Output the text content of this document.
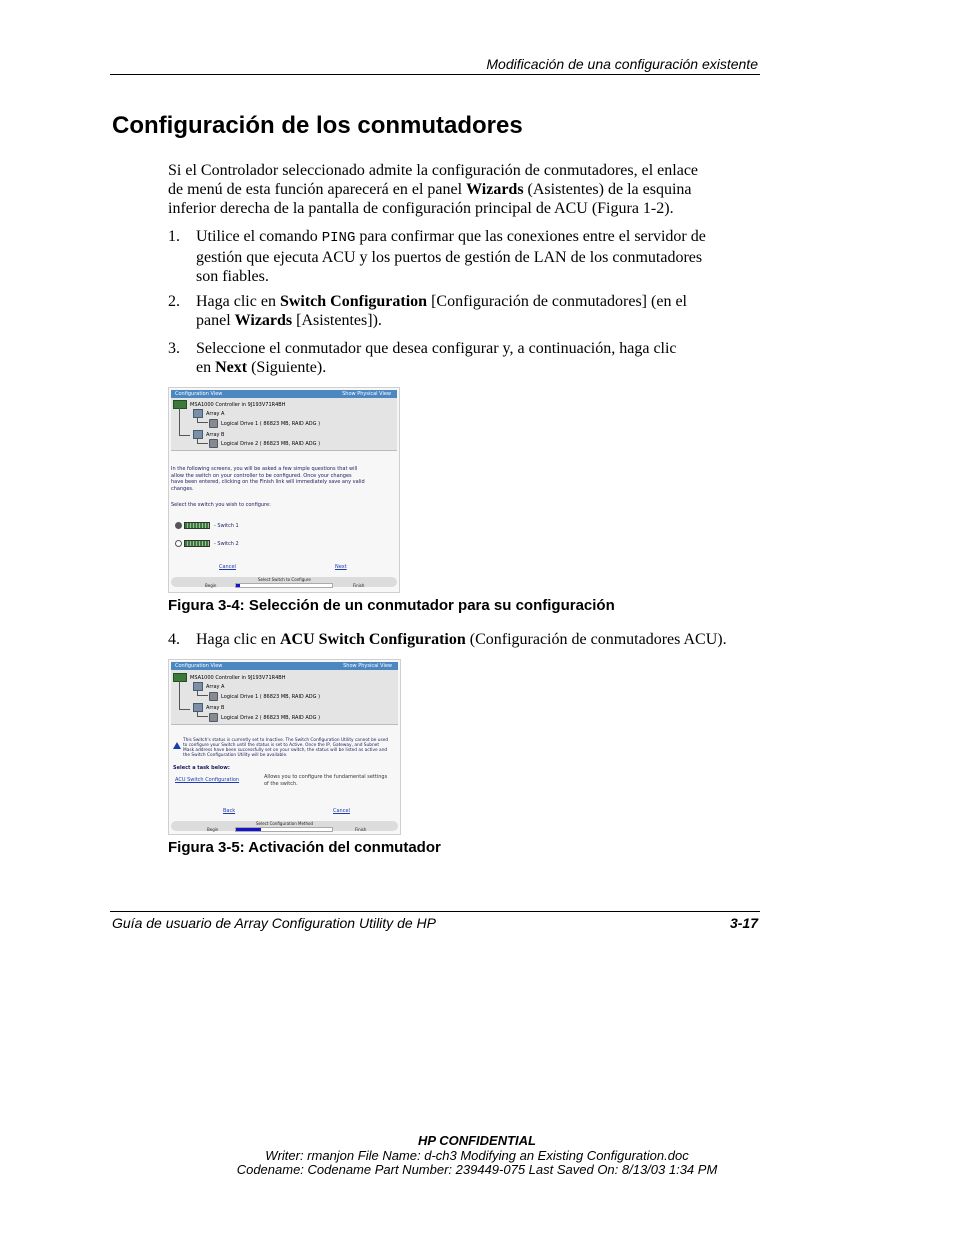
Modificación de una configuración existente
Configuración de los conmutadores
Si el Controlador seleccionado admite la configuración de conmutadores, el enlace
de menú de esta función aparecerá en el panel Wizards (Asistentes) de la esquina
inferior derecha de la pantalla de configuración principal de ACU (Figura 1-2).
1. Utilice el comando PING para confirmar que las conexiones entre el servidor de
gestión que ejecuta ACU y los puertos de gestión de LAN de los conmutadores
son fiables.
2. Haga clic en Switch Configuration [Configuración de conmutadores] (en el
panel Wizards [Asistentes]).
3. Seleccione el conmutador que desea configurar y, a continuación, haga clic
en Next (Siguiente).
Configuration View	Show Physical View
MSA1000 Controller in 9J193V71R4BH
Array A
Logical Drive 1 ( 86823 MB, RAID ADG )
Array B
Logical Drive 2 ( 86823 MB, RAID ADG )
In the following screens, you will be asked a few simple questions that will
allow the switch on your controller to be configured. Once your changes
have been entered, clicking on the Finish link will immediately save any valid
changes.
Select the switch you wish to configure:
- Switch 1
- Switch 2
Cancel	Next
Select Switch to Configure
Begin	Finish
Figura 3-4: Selección de un conmutador para su configuración
4. Haga clic en ACU Switch Configuration (Configuración de conmutadores ACU).
Configuration View	Show Physical View
MSA1000 Controller in 9J193V71R4BH
Array A
Logical Drive 1 ( 86823 MB, RAID ADG )
Array B
Logical Drive 2 ( 86823 MB, RAID ADG )
This Switch's status is currently set to Inactive. The Switch Configuration Utility cannot be used
to configure your Switch until the status is set to Active. Once the IP, Gateway, and Subnet
Mask address have been successfully set on your switch, the status will be listed as active and
the Switch Configuration Utility will be available.
Select a task below:
ACU Switch Configuration	Allows you to configure the fundamental settings
of the switch.
Back	Cancel
Select Configuration Method
Begin	Finish
Figura 3-5: Activación del conmutador
Guía de usuario de Array Configuration Utility de HP	3-17
HP CONFIDENTIAL
Writer: rmanjon File Name: d-ch3 Modifying an Existing Configuration.doc
Codename: Codename Part Number: 239449-075 Last Saved On: 8/13/03 1:34 PM
